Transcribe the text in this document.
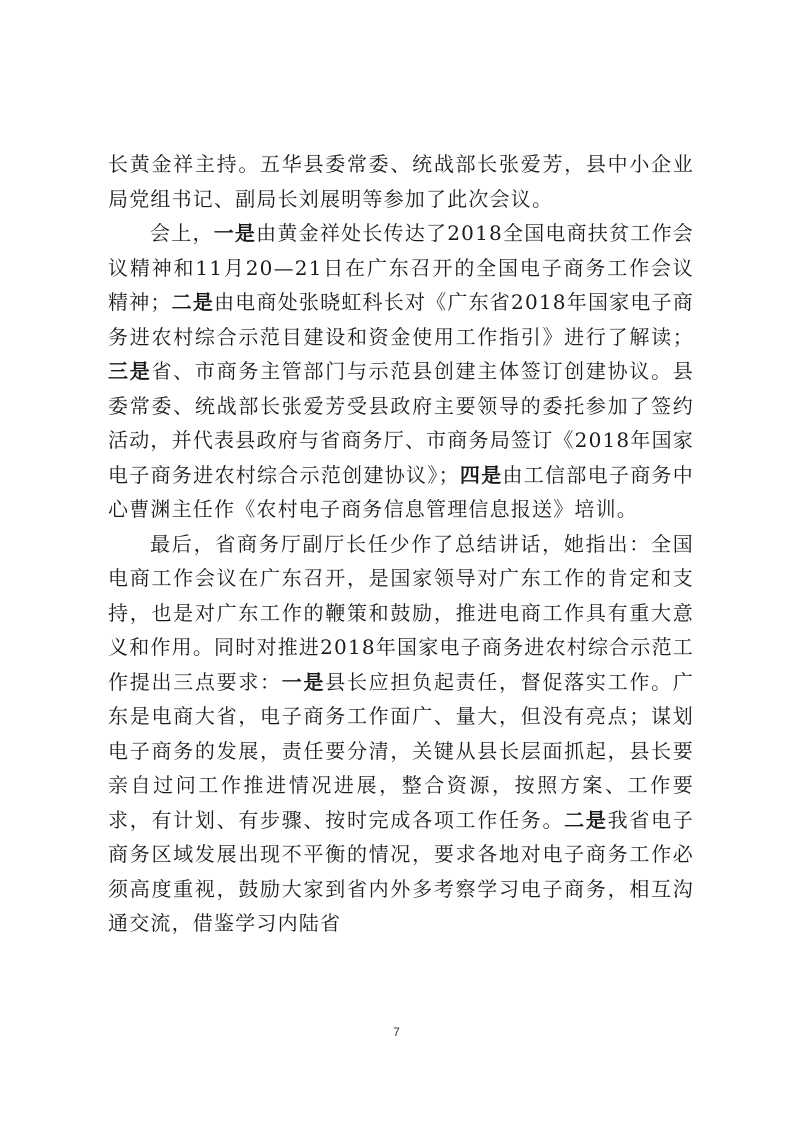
长黄金祥主持。五华县委常委、统战部长张爱芳，县中小企业局党组书记、副局长刘展明等参加了此次会议。

会上，一是由黄金祥处长传达了2018全国电商扶贫工作会议精神和11月20—21日在广东召开的全国电子商务工作会议精神；二是由电商处张晓虹科长对《广东省2018年国家电子商务进农村综合示范目建设和资金使用工作指引》进行了解读；三是省、市商务主管部门与示范县创建主体签订创建协议。县委常委、统战部长张爱芳受县政府主要领导的委托参加了签约活动，并代表县政府与省商务厅、市商务局签订《2018年国家电子商务进农村综合示范创建协议》；四是由工信部电子商务中心曹渊主任作《农村电子商务信息管理信息报送》培训。

最后，省商务厅副厅长任少作了总结讲话，她指出：全国电商工作会议在广东召开，是国家领导对广东工作的肯定和支持，也是对广东工作的鞭策和鼓励，推进电商工作具有重大意义和作用。同时对推进2018年国家电子商务进农村综合示范工作提出三点要求：一是县长应担负起责任，督促落实工作。广东是电商大省，电子商务工作面广、量大，但没有亮点；谋划电子商务的发展，责任要分清，关键从县长层面抓起，县长要亲自过问工作推进情况进展，整合资源，按照方案、工作要求，有计划、有步骤、按时完成各项工作任务。二是我省电子商务区域发展出现不平衡的情况，要求各地对电子商务工作必须高度重视，鼓励大家到省内外多考察学习电子商务，相互沟通交流，借鉴学习内陆省

7
